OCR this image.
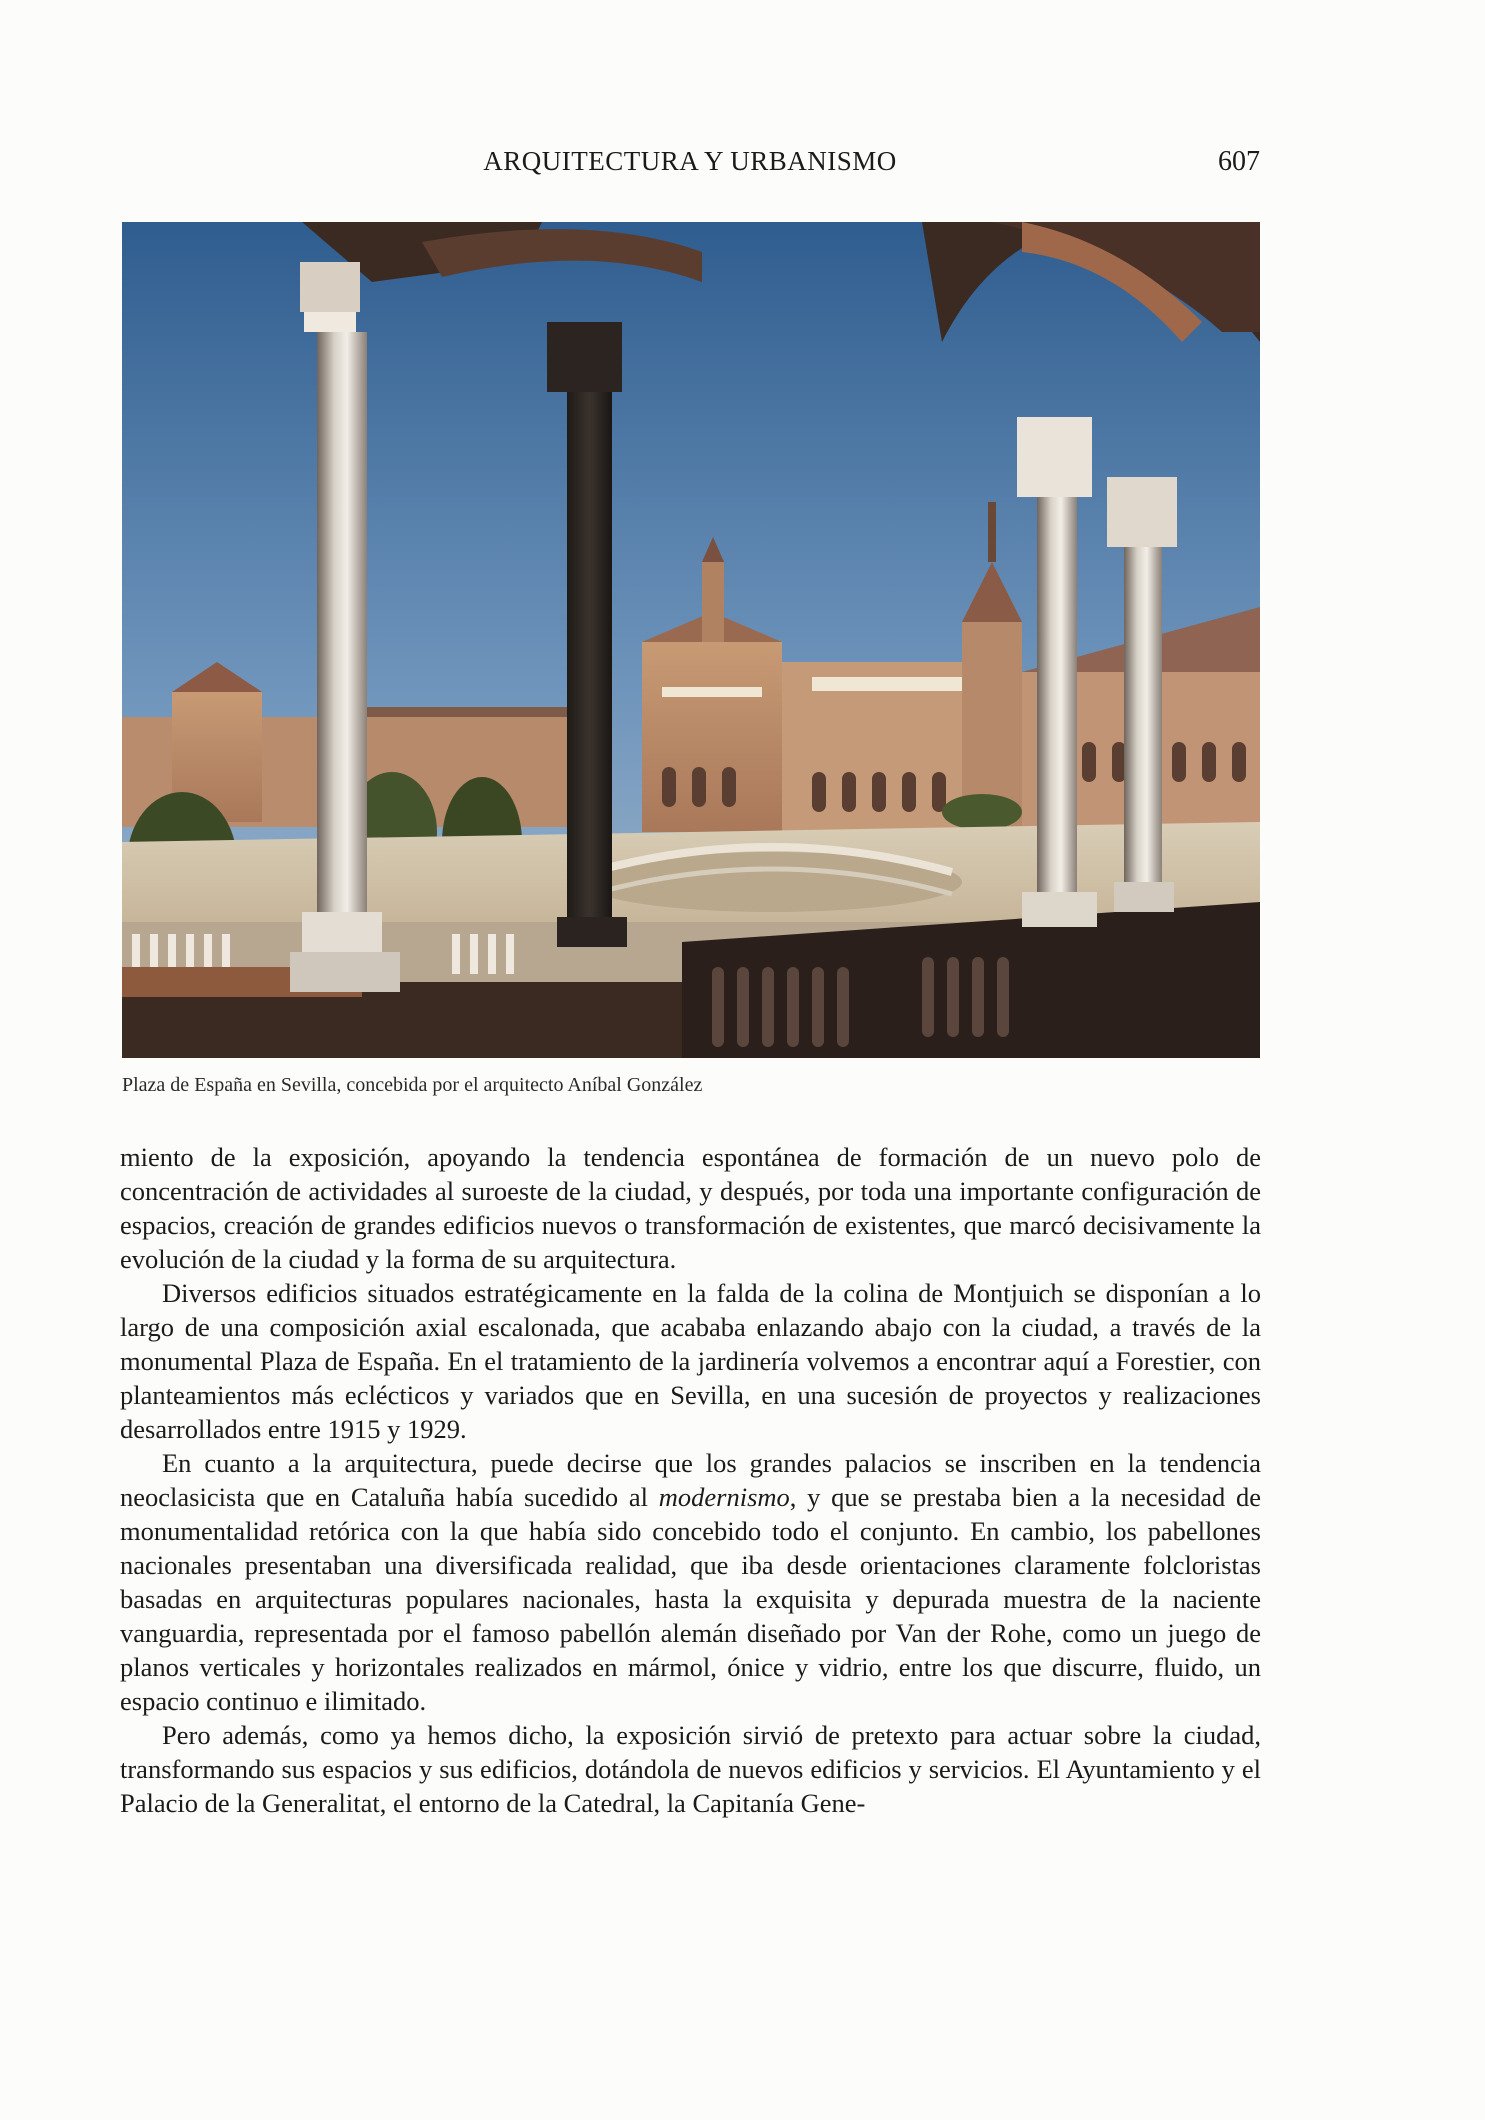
ARQUITECTURA Y URBANISMO	607
Plaza de España en Sevilla, concebida por el arquitecto Aníbal González

miento de la exposición, apoyando la tendencia espontánea de formación de un nuevo polo de concentración de actividades al suroeste de la ciudad, y después, por toda una importante configuración de espacios, creación de grandes edificios nuevos o transformación de existentes, que marcó decisivamente la evolución de la ciudad y la forma de su arquitectura.

Diversos edificios situados estratégicamente en la falda de la colina de Montjuich se disponían a lo largo de una composición axial escalonada, que acababa enlazando abajo con la ciudad, a través de la monumental Plaza de España. En el tratamiento de la jardinería volvemos a encontrar aquí a Forestier, con planteamientos más eclécticos y variados que en Sevilla, en una sucesión de proyectos y realizaciones desarrollados entre 1915 y 1929.

En cuanto a la arquitectura, puede decirse que los grandes palacios se inscriben en la tendencia neoclasicista que en Cataluña había sucedido al modernismo, y que se prestaba bien a la necesidad de monumentalidad retórica con la que había sido concebido todo el conjunto. En cambio, los pabellones nacionales presentaban una diversificada realidad, que iba desde orientaciones claramente folcloristas basadas en arquitecturas populares nacionales, hasta la exquisita y depurada muestra de la naciente vanguardia, representada por el famoso pabellón alemán diseñado por Van der Rohe, como un juego de planos verticales y horizontales realizados en mármol, ónice y vidrio, entre los que discurre, fluido, un espacio continuo e ilimitado.

Pero además, como ya hemos dicho, la exposición sirvió de pretexto para actuar sobre la ciudad, transformando sus espacios y sus edificios, dotándola de nuevos edificios y servicios. El Ayuntamiento y el Palacio de la Generalitat, el entorno de la Catedral, la Capitanía Gene-
